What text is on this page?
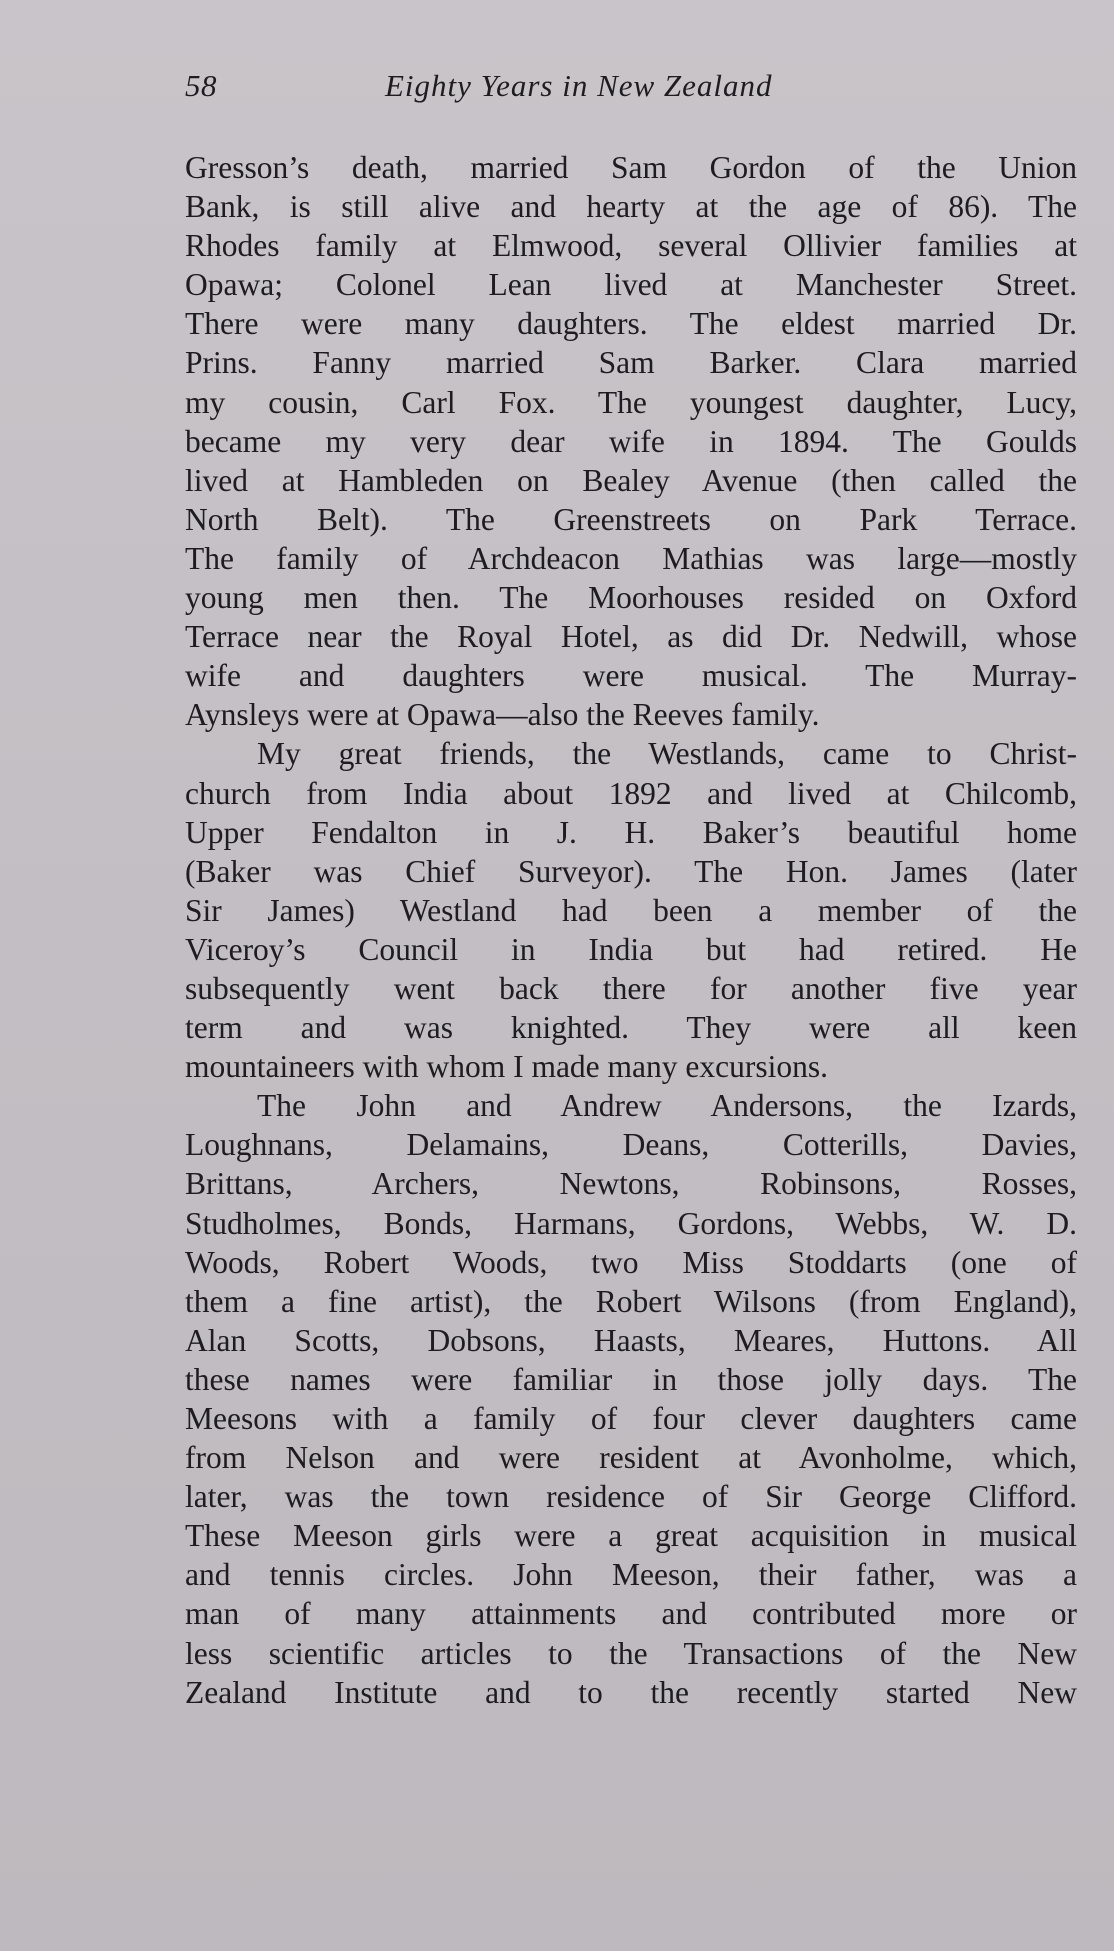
58	Eighty Years in New Zealand
Gresson’s death, married Sam Gordon of the Union
Bank, is still alive and hearty at the age of 86). The
Rhodes family at Elmwood, several Ollivier families at
Opawa; Colonel Lean lived at Manchester Street.
There were many daughters. The eldest married Dr.
Prins. Fanny married Sam Barker. Clara married
my cousin, Carl Fox. The youngest daughter, Lucy,
became my very dear wife in 1894. The Goulds
lived at Hambleden on Bealey Avenue (then called the
North Belt). The Greenstreets on Park Terrace.
The family of Archdeacon Mathias was large—mostly
young men then. The Moorhouses resided on Oxford
Terrace near the Royal Hotel, as did Dr. Nedwill, whose
wife and daughters were musical. The Murray-
Aynsleys were at Opawa—also the Reeves family.
My great friends, the Westlands, came to Christ-
church from India about 1892 and lived at Chilcomb,
Upper Fendalton in J. H. Baker’s beautiful home
(Baker was Chief Surveyor). The Hon. James (later
Sir James) Westland had been a member of the
Viceroy’s Council in India but had retired. He
subsequently went back there for another five year
term and was knighted. They were all keen
mountaineers with whom I made many excursions.
The John and Andrew Andersons, the Izards,
Loughnans, Delamains, Deans, Cotterills, Davies,
Brittans, Archers, Newtons, Robinsons, Rosses,
Studholmes, Bonds, Harmans, Gordons, Webbs, W. D.
Woods, Robert Woods, two Miss Stoddarts (one of
them a fine artist), the Robert Wilsons (from England),
Alan Scotts, Dobsons, Haasts, Meares, Huttons. All
these names were familiar in those jolly days. The
Meesons with a family of four clever daughters came
from Nelson and were resident at Avonholme, which,
later, was the town residence of Sir George Clifford.
These Meeson girls were a great acquisition in musical
and tennis circles. John Meeson, their father, was a
man of many attainments and contributed more or
less scientific articles to the Transactions of the New
Zealand Institute and to the recently started New
